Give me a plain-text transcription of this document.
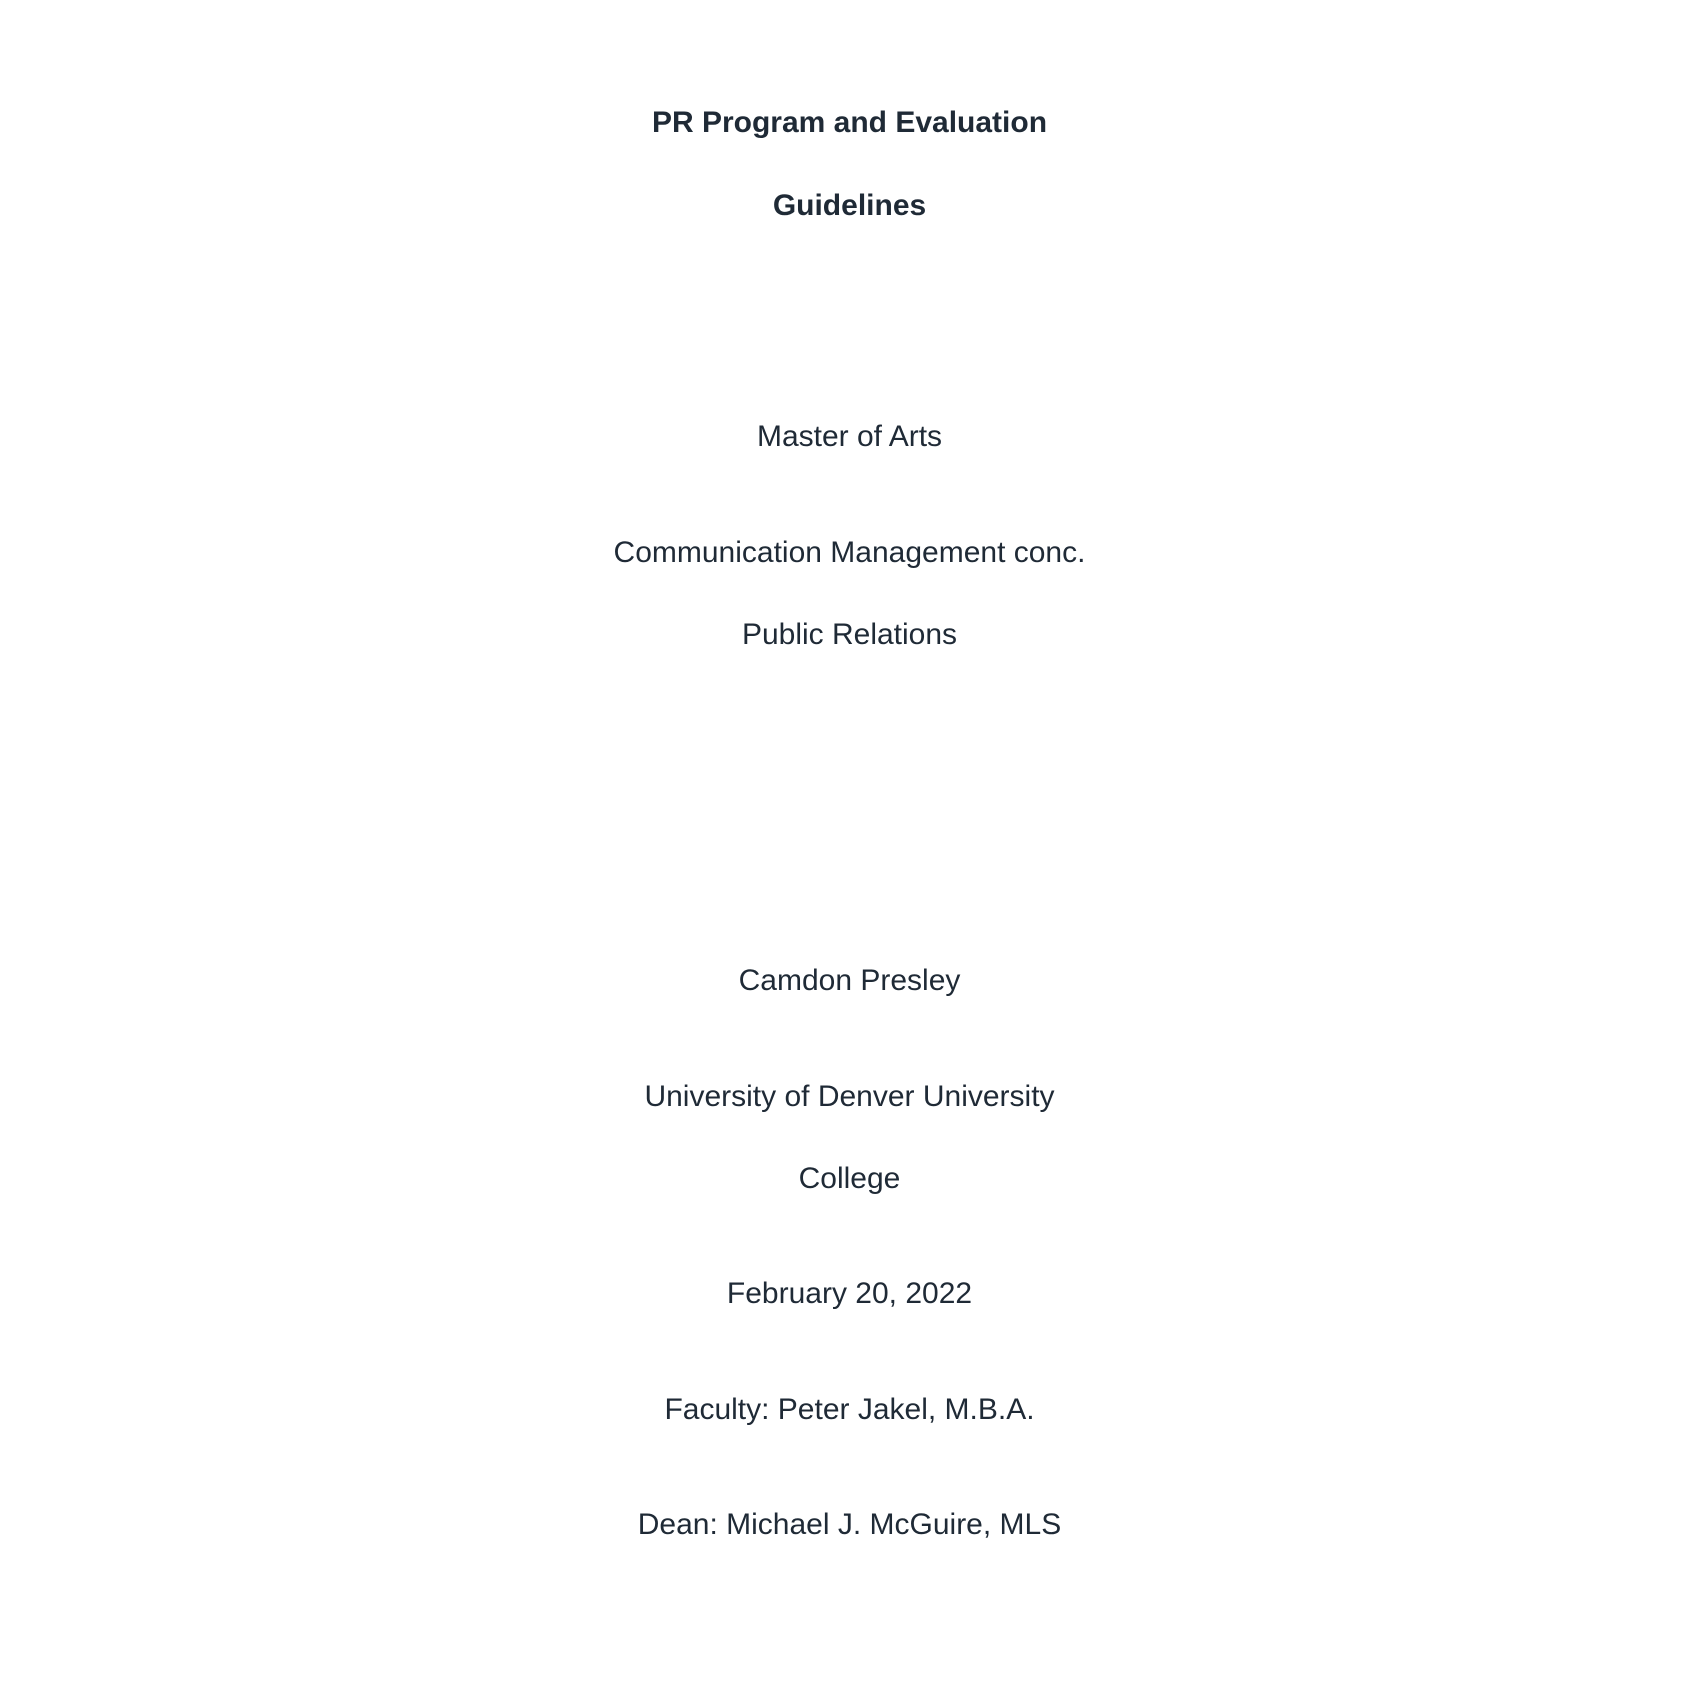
PR Program and Evaluation
Guidelines
Master of Arts
Communication Management conc.
Public Relations
Camdon Presley
University of Denver University
College
February 20, 2022
Faculty: Peter Jakel, M.B.A.
Dean: Michael J. McGuire, MLS
